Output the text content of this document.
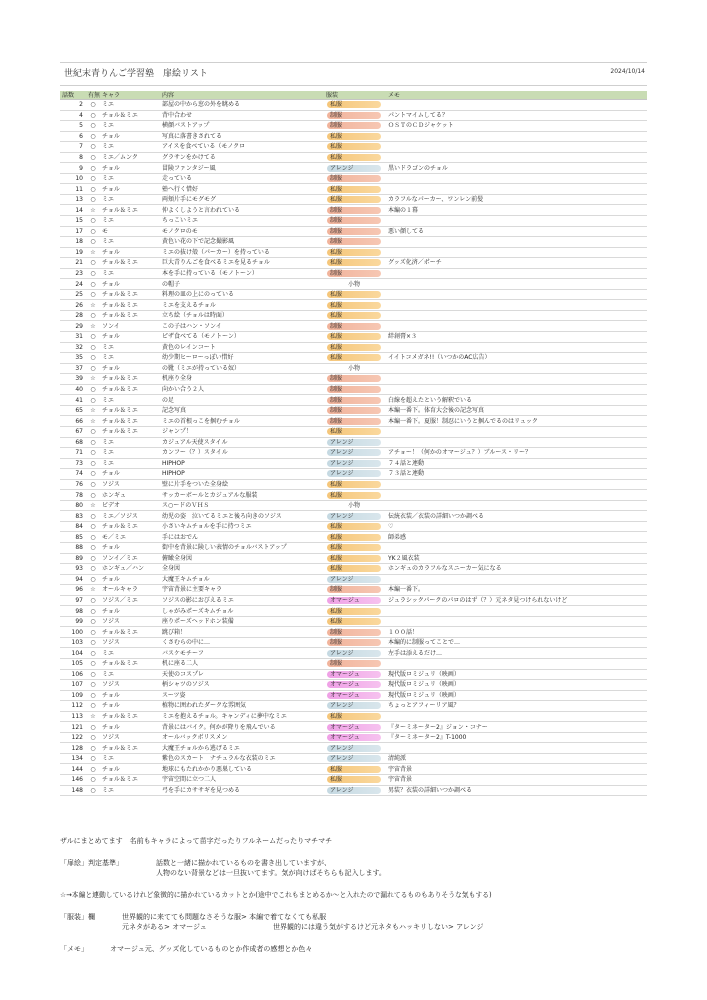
世紀末青りんご学習塾　扉絵リスト	2024/10/14
話数	有無	キャラ	内容	服装	メモ
2	○	ミエ	部屋の中から窓の外を眺める	私服	
4	○	チョル＆ミエ	背中合わせ	制服	パントマイムしてる？
5	○	ミエ	横顔バストアップ	制服	ＯＳＴのＣＤジャケット
6	○	チョル	写真に落書きされてる	私服	
7	○	ミエ	アイスを食べている（モノクロ	私服	
8	○	ミエ／ムンク	グラサンをかけてる	私服	
9	○	チョル	冒険ファンタジー風	アレンジ	黒いドラゴンのチョル
10	○	ミエ	走っている	制服	
11	○	チョル	塾へ行く惜好	私服	
13	○	ミエ	両頬片手にモグモグ	私服	カラフルなパーカー、ワンレン前髪
14	☆	チョル＆ミエ	仲よくしようと言われている	制服	本編の１幕
15	○	ミエ	ちっこいミエ	制服	
17	○	モ	モノクロのモ	制服	悪い顔してる
18	○	ミエ	黄色い花の下で記念撮影風	制服	
19	☆	チョル	ミエの抜け殻（パーカー）を持っている	私服	
21	○	チョル＆ミエ	巨大青りんごを食べるミエを見るチョル	私服	グッズ化済／ポーチ
23	○	ミエ	本を手に持っている（モノトーン）	制服	
24	○	チョル	の帽子	小物	
25	○	チョル＆ミエ	料理の皿の上にのっている	私服	
26	☆	チョル＆ミエ	ミエを支えるチョル	私服	
28	○	チョル＆ミエ	立ち絵（チョルは時面）	私服	
29	☆	ソンイ	この子はハン・ソンイ	制服	
31	○	チョル	ピザ食べてる（モノトーン）	私服	絆創膏×３
32	○	ミエ	黄色のレインコート	私服	
35	○	ミエ	幼少期ヒーローっぽい惜好	私服	イイトコメガネ!!（いつかのAC広告）
37	○	チョル	の靴（ミエが持っている奴）	小物	
39	☆	チョル＆ミエ	机座り全身	制服	
40	○	チョル＆ミエ	向かい合う２人	制服	
41	○	ミエ	の足	制服	白線を超えたという解釈でいる
65	☆	チョル＆ミエ	記念写真	制服	本編一番下。体育大会後の記念写真
66	☆	チョル＆ミエ	ミエの首根っこを掴むチョル	制服	本編一番下。夏服！制忍にいうと掴んでるのはリュック
67	○	チョル＆ミエ	ジャンプ！	私服	
68	○	ミエ	カジュアル天使スタイル	アレンジ	
71	○	ミエ	カンフー（？）スタイル	アレンジ	アチョー！（何かのオマージュ？）ブルース・リー？
73	○	ミエ	HIPHOP	アレンジ	７４話と連動
74	○	チョル	HIPHOP	アレンジ	７３話と連動
76	○	ソジス	壁に片手をついた全身絵	私服	
78	○	ホンギュ	サッカーボールとカジュアルな服装	私服	
80	☆	ビデオ	ス○ードのＶＨＳ	小物	
83	○	ミエ／ソジス	幼児の姿　泣いてるミエと後ろ向きのソジス	アレンジ	伝統衣装／衣装の詳細いつか調べる
84	○	チョル＆ミエ	小さいキムチョルを手に持つミエ	私服	♡
85	○	モ／ミエ	手にはおでん	私服	師弟感
88	○	チョル	街中を背景に険しい表情のチョルバストアップ	私服	
89	○	ソンイ／ミエ	俯瞰全身図	私服	YK２風衣装
93	○	ホンギュ／ハン	全身図	私服	ホンギュのカラフルなスニーカー気になる
94	○	チョル	大魔王キムチョル	アレンジ	
96	☆	オールキャラ	宇宙背景に主要キャラ	制服	本編一番下。
97	○	ソジス／ミエ	ソジスの影におびえるミエ	オマージュ	ジュラシックパークのパロのはず（？）元ネタ見つけられないけど
98	○	チョル	しゃがみポーズキムチョル	私服	
99	○	ソジス	座りポーズヘッドホン装備	私服	
100	○	チョル＆ミエ	跳び箱！	制服	１００話！
103	○	ソジス	くさむらの中に…	制服	本編的に制服ってことで…
104	○	ミエ	バスケモチーフ	アレンジ	左手は添えるだけ…
105	○	チョル＆ミエ	机に座る二人	制服	
106	○	ミエ	天使のコスプレ	オマージュ	現代版ロミジュリ（映画）
107	○	ソジス	柄シャツのソジス	オマージュ	現代版ロミジュリ（映画）
109	○	チョル	スーツ姿	オマージュ	現代版ロミジュリ（映画）
112	○	チョル	植物に囲われたダークな雰囲気	アレンジ	ちょっとアフィーリア風？
113	☆	チョル＆ミエ	ミエを抱えるチョル。キャンディに夢中なミエ	私服	
121	○	チョル	背景にはバイク。何かが降りを飛んでいる	オマージュ	『ターミネーター2』ジョン・コナー
122	○	ソジス	オールバックボリスメン	オマージュ	『ターミネーター2』T-1000
128	○	チョル＆ミエ	大魔王チョルから逃げるミエ	アレンジ	
134	○	ミエ	紫色のスカート　ナチュラルな衣装のミエ	アレンジ	清純派
144	○	チョル	地球にもたれかかり悪巣している	私服	宇宙背景
146	○	チョル＆ミエ	宇宙空間に立つ二人	私服	宇宙背景
148	○	ミエ	弓を手にカササギを見つめる	アレンジ	男装？衣装の詳細いつか調べる
ザルにまとめてます　名前もキャラによって苗字だったりフルネームだったりマチマチ
「扉絵」判定基準」	話数と一緒に描かれているものを書き出していますが、
人物のない背景などは一旦抜いてます。気が向けばそちらも記入します。
☆→本編と連動しているけれど象徴的に描かれているカットとか(途中でこれもまとめるか〜と入れたので漏れてるものもありそうな気もする)
「服装」欄	世界観的に来てても問題なさそうな服> 本編で着てなくても私服
元ネタがある> オマージュ	世界観的には違う気がするけど元ネタもハッキリしない> アレンジ
「メモ」	オマージュ元、グッズ化しているものとか作成者の感想とか色々
